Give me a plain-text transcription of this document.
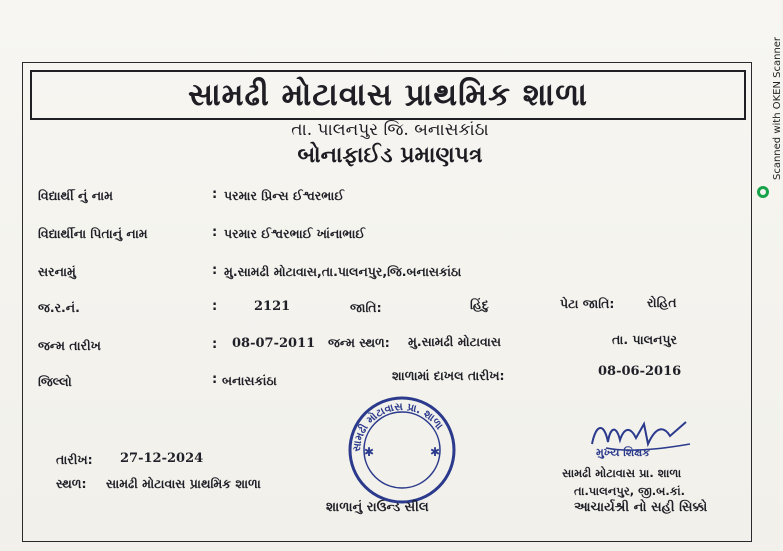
Scanned with OKEN Scanner
સામઢી મોટાવાસ પ્રાથમિક શાળા
તા. પાલનપુર જિ. બનાસકાંઠા
બોનાફાઈડ પ્રમાણપત્ર
વિદ્યાર્થી નું નામ	: પરમાર પ્રિન્સ ઈશ્વરભાઈ
વિદ્યાર્થીના પિતાનું નામ	: પરમાર ઈશ્વરભાઈ ખાંનાભાઈ
સરનામું	: મુ.સામઢી મોટાવાસ,તા.પાલનપુર,જિ.બનાસકાંઠા
જ.ર.નં.	:	2121	જાતિ:	હિંદુ	પેટા જાતિ:	રોહિત
જન્મ તારીખ	: 08-07-2011 જન્મ સ્થળ: મુ.સામઢી મોટાવાસ	તા. પાલનપુર
જિલ્લો	: બનાસકાંઠા	શાળામાં દાખલ તારીખ:	08-06-2016
તારીખ: 27-12-2024
સ્થળ: સામઢી મોટાવાસ પ્રાથમિક શાળા
સામઢી મોટાવાસ પ્રા. શાળા
✱	✱
શાળાનું રાઉન્ડ સીલ
મુખ્ય શિક્ષક
સામઢી મોટાવાસ પ્રા. શાળા
તા.પાલનપુર, જી.બ.કાં.
આચાર્યશ્રી નો સહી સિક્કો
